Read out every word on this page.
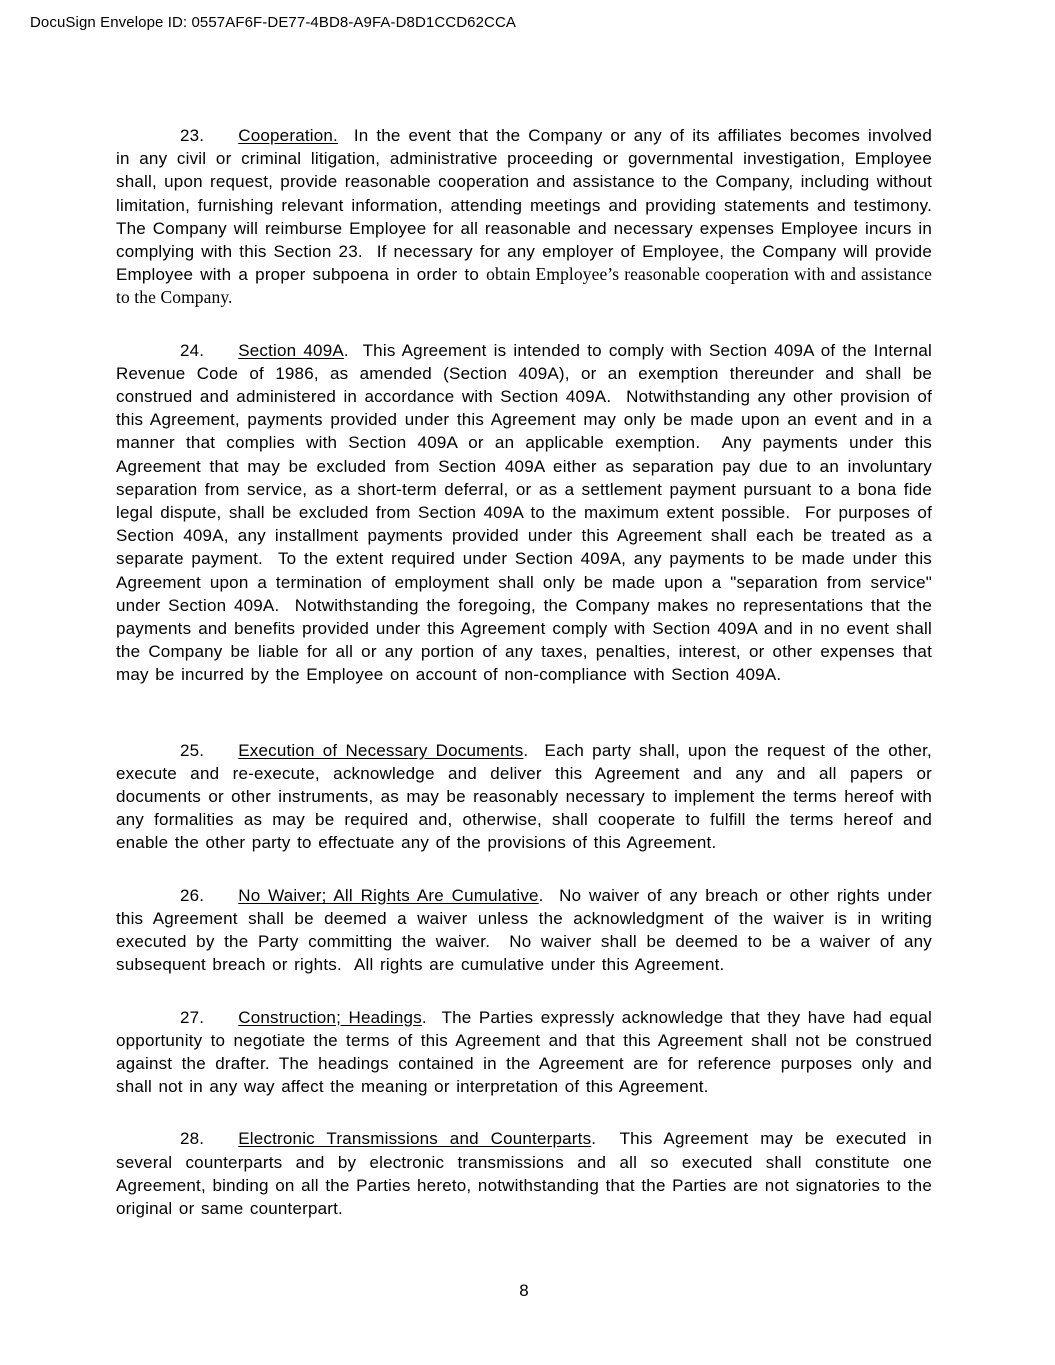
DocuSign Envelope ID: 0557AF6F-DE77-4BD8-A9FA-D8D1CCD62CCA

23. Cooperation.  In the event that the Company or any of its affiliates becomes involved in any civil or criminal litigation, administrative proceeding or governmental investigation, Employee shall, upon request, provide reasonable cooperation and assistance to the Company, including without limitation, furnishing relevant information, attending meetings and providing statements and testimony.  The Company will reimburse Employee for all reasonable and necessary expenses Employee incurs in complying with this Section 23.  If necessary for any employer of Employee, the Company will provide Employee with a proper subpoena in order to obtain Employee’s reasonable cooperation with and assistance to the Company.

24. Section 409A.  This Agreement is intended to comply with Section 409A of the Internal Revenue Code of 1986, as amended (Section 409A), or an exemption thereunder and shall be construed and administered in accordance with Section 409A.  Notwithstanding any other provision of this Agreement, payments provided under this Agreement may only be made upon an event and in a manner that complies with Section 409A or an applicable exemption.  Any payments under this Agreement that may be excluded from Section 409A either as separation pay due to an involuntary separation from service, as a short-term deferral, or as a settlement payment pursuant to a bona fide legal dispute, shall be excluded from Section 409A to the maximum extent possible.  For purposes of Section 409A, any installment payments provided under this Agreement shall each be treated as a separate payment.  To the extent required under Section 409A, any payments to be made under this Agreement upon a termination of employment shall only be made upon a "separation from service" under Section 409A.  Notwithstanding the foregoing, the Company makes no representations that the payments and benefits provided under this Agreement comply with Section 409A and in no event shall the Company be liable for all or any portion of any taxes, penalties, interest, or other expenses that may be incurred by the Employee on account of non-compliance with Section 409A.

25. Execution of Necessary Documents.  Each party shall, upon the request of the other, execute and re-execute, acknowledge and deliver this Agreement and any and all papers or documents or other instruments, as may be reasonably necessary to implement the terms hereof with any formalities as may be required and, otherwise, shall cooperate to fulfill the terms hereof and enable the other party to effectuate any of the provisions of this Agreement.

26. No Waiver; All Rights Are Cumulative.  No waiver of any breach or other rights under this Agreement shall be deemed a waiver unless the acknowledgment of the waiver is in writing executed by the Party committing the waiver.  No waiver shall be deemed to be a waiver of any subsequent breach or rights.  All rights are cumulative under this Agreement.

27. Construction; Headings.  The Parties expressly acknowledge that they have had equal opportunity to negotiate the terms of this Agreement and that this Agreement shall not be construed against the drafter. The headings contained in the Agreement are for reference purposes only and shall not in any way affect the meaning or interpretation of this Agreement.

28. Electronic Transmissions and Counterparts.  This Agreement may be executed in several counterparts and by electronic transmissions and all so executed shall constitute one Agreement, binding on all the Parties hereto, notwithstanding that the Parties are not signatories to the original or same counterpart.

8
